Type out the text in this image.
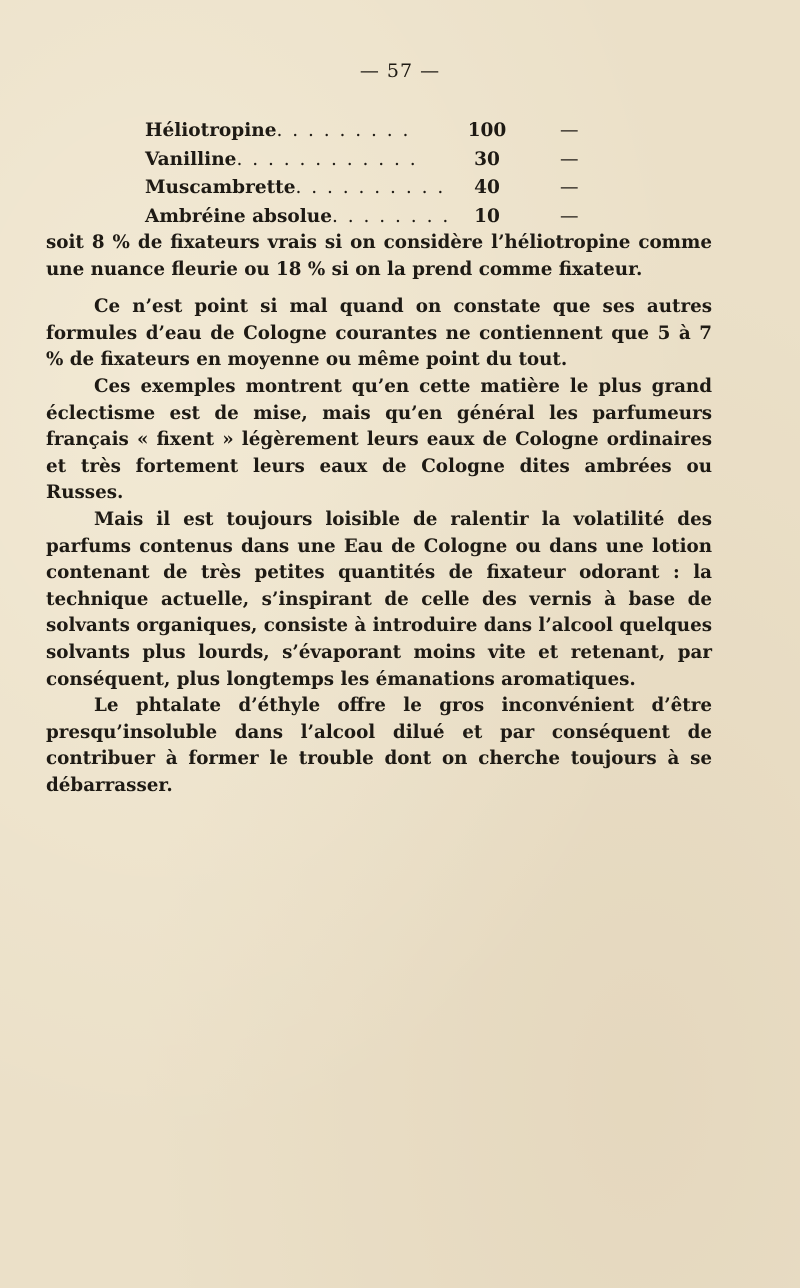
— 57 —
Héliotropine. . . . . . . . .	100	—
Vanilline. . . . . . . . . . . .	30	—
Muscambrette. . . . . . . . . .	40	—
Ambréine absolue. . . . . . . .	10	—

soit 8 % de fixateurs vrais si on considère l’héliotropine comme une nuance fleurie ou 18 % si on la prend comme fixateur.

Ce n’est point si mal quand on constate que ses autres formules d’eau de Cologne courantes ne contiennent que 5 à 7 % de fixateurs en moyenne ou même point du tout.

Ces exemples montrent qu’en cette matière le plus grand éclectisme est de mise, mais qu’en général les parfumeurs français « fixent » légèrement leurs eaux de Cologne ordinaires et très fortement leurs eaux de Cologne dites ambrées ou Russes.

Mais il est toujours loisible de ralentir la volatilité des parfums contenus dans une Eau de Cologne ou dans une lotion contenant de très petites quantités de fixateur odorant : la technique actuelle, s’inspirant de celle des vernis à base de solvants organiques, consiste à introduire dans l’alcool quelques solvants plus lourds, s’évaporant moins vite et retenant, par conséquent, plus longtemps les émanations aromatiques.

Le phtalate d’éthyle offre le gros inconvénient d’être presqu’insoluble dans l’alcool dilué et par conséquent de contribuer à former le trouble dont on cherche toujours à se débarrasser.
